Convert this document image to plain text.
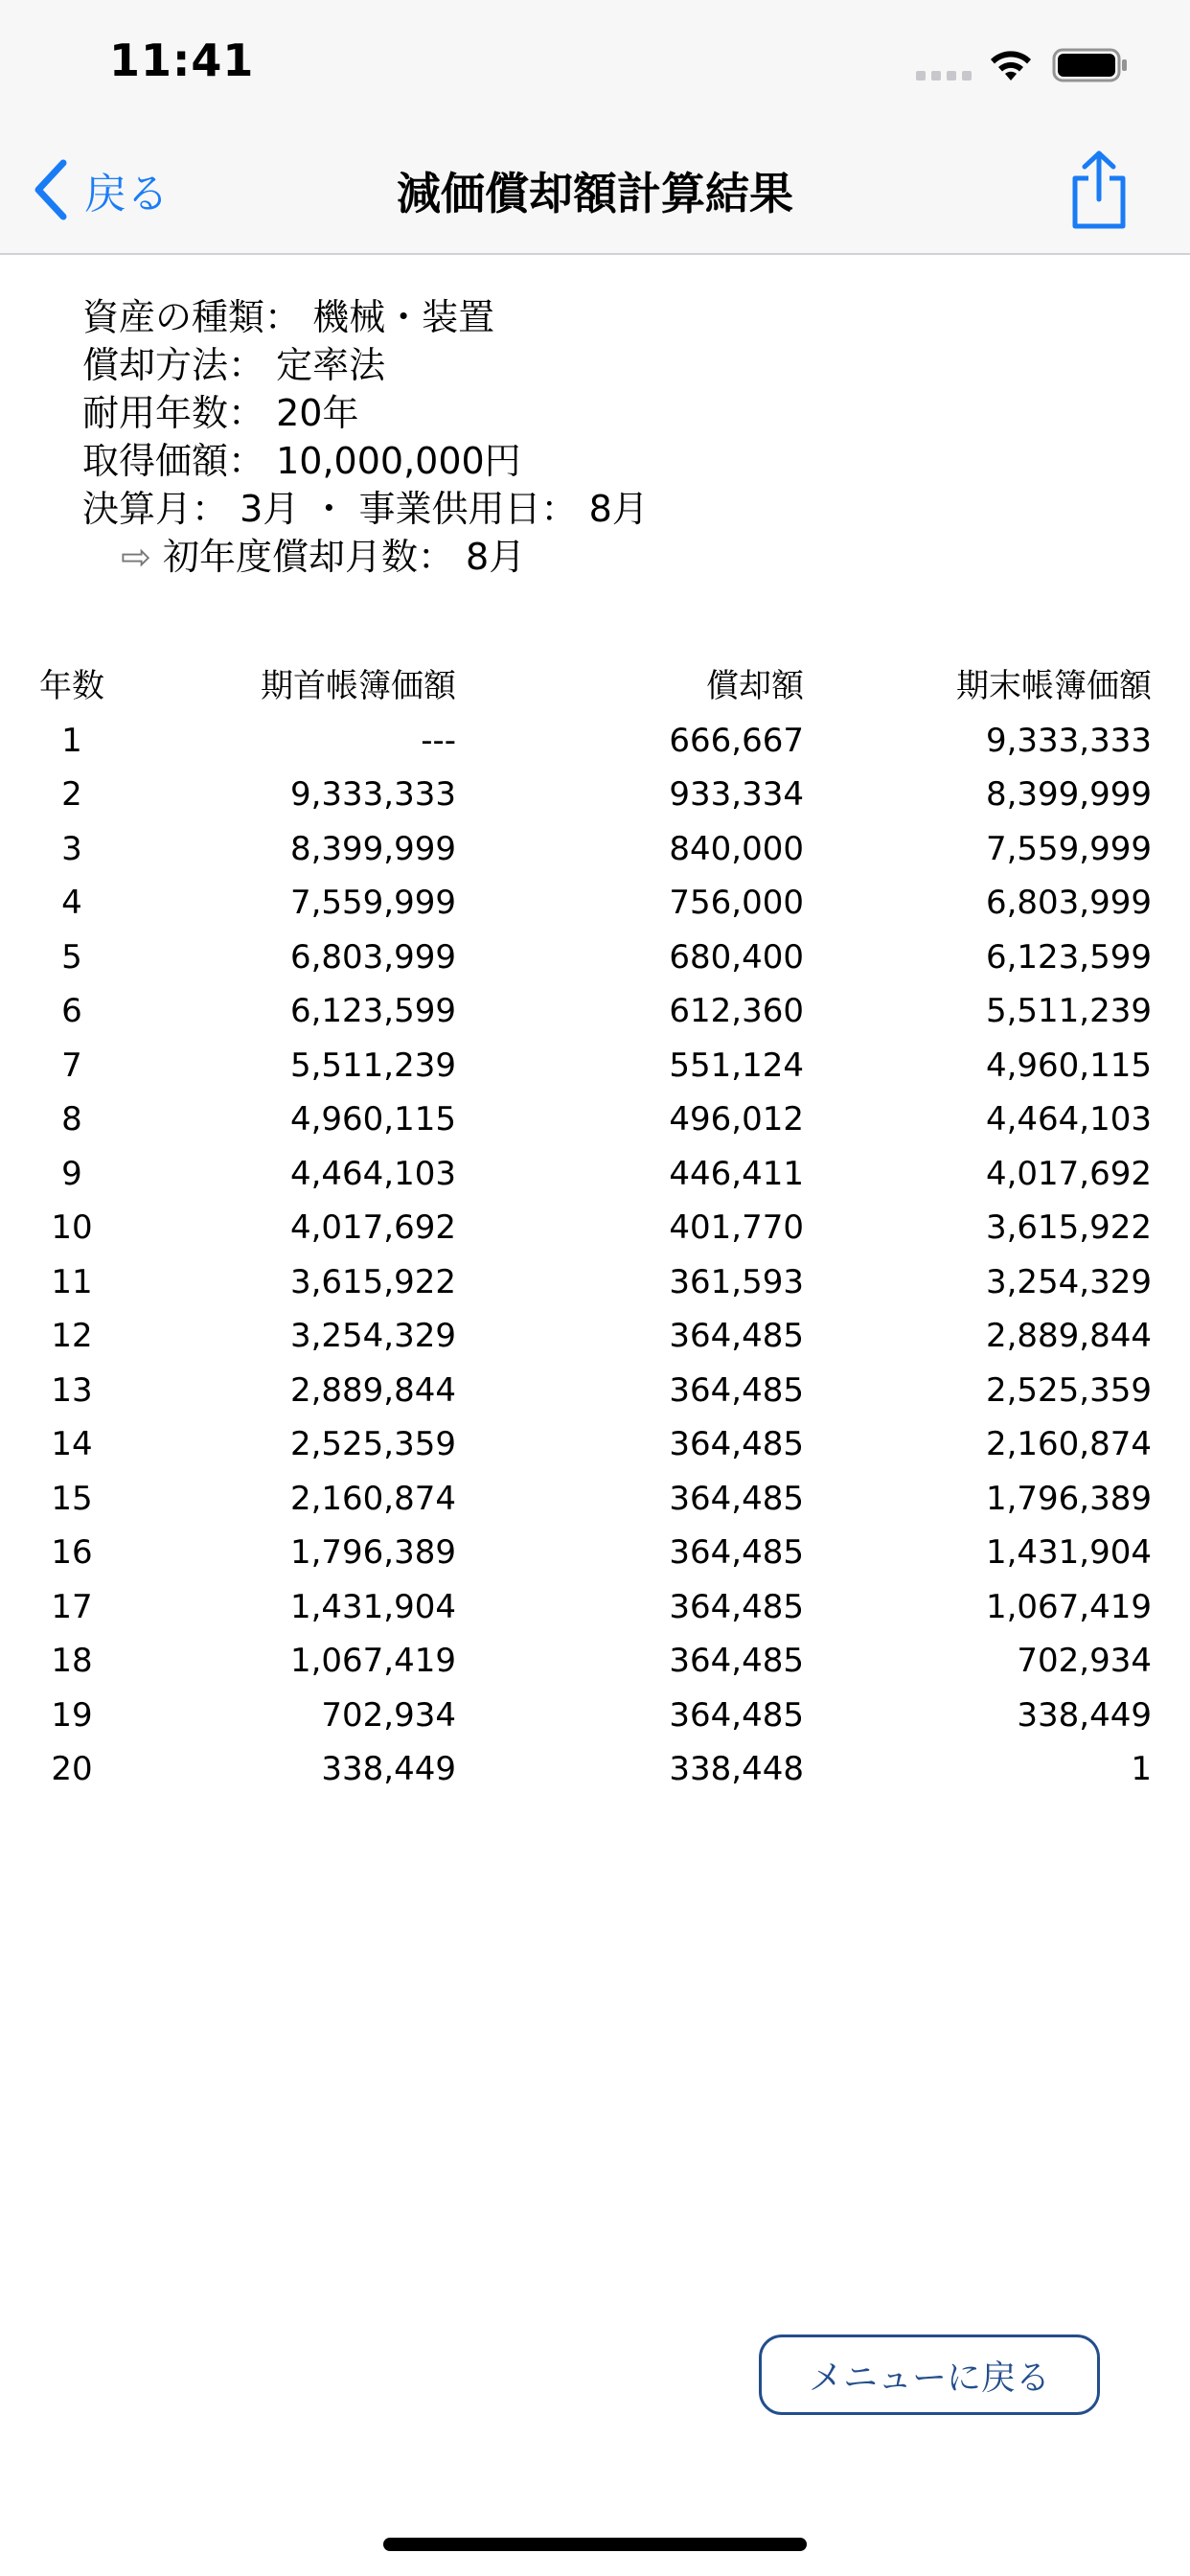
11:41
戻る	減価償却額計算結果
資産の種類： 機械・装置
償却方法： 定率法
耐用年数： 20年
取得価額： 10,000,000円
決算月： 3月 ・ 事業供用日： 8月
⇨ 初年度償却月数： 8月
年数	期首帳簿価額	償却額	期末帳簿価額
1	---	666,667	9,333,333
2	9,333,333	933,334	8,399,999
3	8,399,999	840,000	7,559,999
4	7,559,999	756,000	6,803,999
5	6,803,999	680,400	6,123,599
6	6,123,599	612,360	5,511,239
7	5,511,239	551,124	4,960,115
8	4,960,115	496,012	4,464,103
9	4,464,103	446,411	4,017,692
10	4,017,692	401,770	3,615,922
11	3,615,922	361,593	3,254,329
12	3,254,329	364,485	2,889,844
13	2,889,844	364,485	2,525,359
14	2,525,359	364,485	2,160,874
15	2,160,874	364,485	1,796,389
16	1,796,389	364,485	1,431,904
17	1,431,904	364,485	1,067,419
18	1,067,419	364,485	702,934
19	702,934	364,485	338,449
20	338,449	338,448	1
メニューに戻る
